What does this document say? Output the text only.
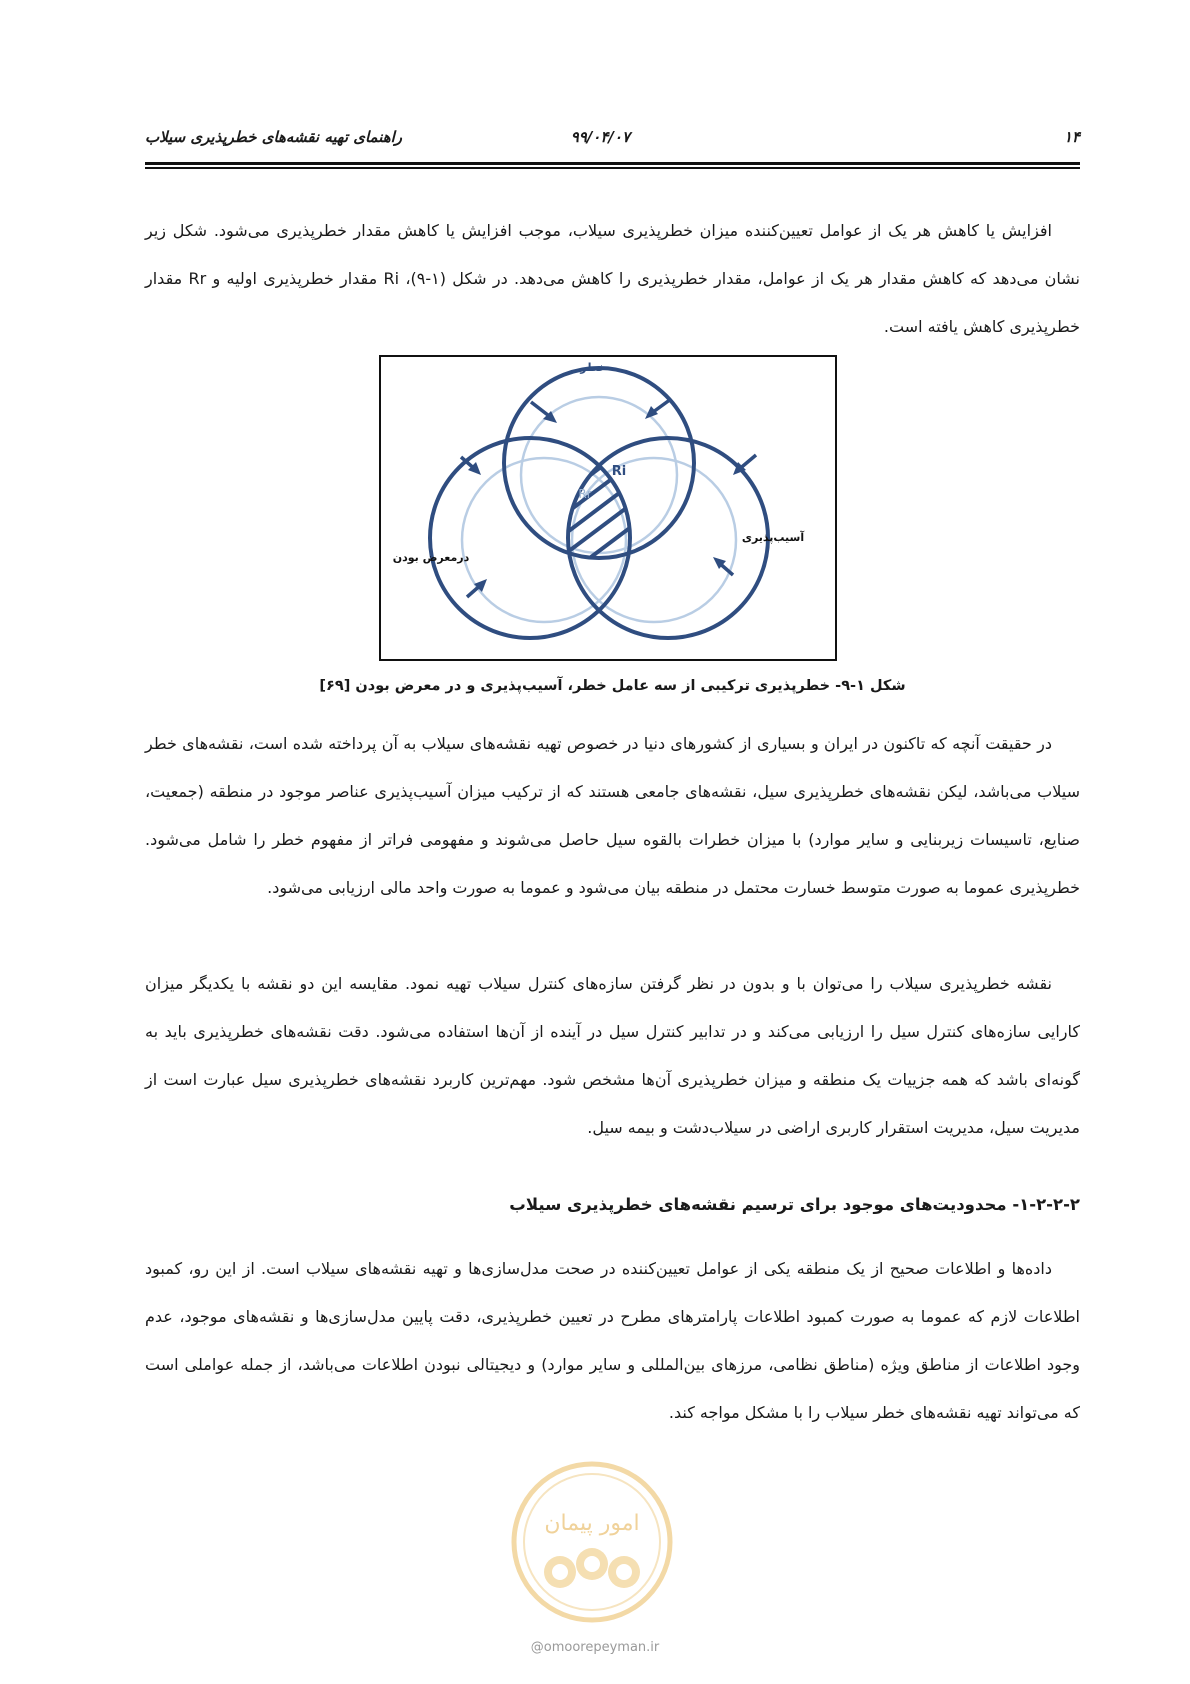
۱۴
۹۹/۰۴/۰۷
راهنمای تهیه نقشه‌های خطرپذیری سیلاب

افزایش یا کاهش هر یک از عوامل تعیین‌کننده میزان خطرپذیری سیلاب، موجب افزایش یا کاهش مقدار خطرپذیری می‌شود. شکل زیر نشان می‌دهد که کاهش مقدار هر یک از عوامل، مقدار خطرپذیری را کاهش می‌دهد. در شکل (۱-۹)، Ri مقدار خطرپذیری اولیه و Rr مقدار خطرپذیری کاهش یافته است.

خطر
آسیب‌پذیری
درمعرض بودن
Ri
Rr
شکل ۱-۹- خطرپذیری ترکیبی از سه عامل خطر، آسیب‌پذیری و در معرض بودن [۶۹]

در حقیقت آنچه که تاکنون در ایران و بسیاری از کشورهای دنیا در خصوص تهیه نقشه‌های سیلاب به آن پرداخته شده است، نقشه‌های خطر سیلاب می‌باشد، لیکن نقشه‌های خطرپذیری سیل، نقشه‌های جامعی هستند که از ترکیب میزان آسیب‌پذیری عناصر موجود در منطقه (جمعیت، صنایع، تاسیسات زیربنایی و سایر موارد) با میزان خطرات بالقوه سیل حاصل می‌شوند و مفهومی فراتر از مفهوم خطر را شامل می‌شود. خطرپذیری عموما به صورت متوسط خسارت محتمل در منطقه بیان می‌شود و عموما به صورت واحد مالی ارزیابی می‌شود.

نقشه خطرپذیری سیلاب را می‌توان با و بدون در نظر گرفتن سازه‌های کنترل سیلاب تهیه نمود. مقایسه این دو نقشه با یکدیگر میزان کارایی سازه‌های کنترل سیل را ارزیابی می‌کند و در تدابیر کنترل سیل در آینده از آن‌ها استفاده می‌شود. دقت نقشه‌های خطرپذیری باید به گونه‌ای باشد که همه جزییات یک منطقه و میزان خطرپذیری آن‌ها مشخص شود. مهم‌ترین کاربرد نقشه‌های خطرپذیری سیل عبارت است از مدیریت سیل، مدیریت استقرار کاربری اراضی در سیلاب‌دشت و بیمه سیل.

۱-۲-۲-۲- محدودیت‌های موجود برای ترسیم نقشه‌های خطرپذیری سیلاب

داده‌ها و اطلاعات صحیح از یک منطقه یکی از عوامل تعیین‌کننده در صحت مدل‌سازی‌ها و تهیه نقشه‌های سیلاب است. از این رو، کمبود اطلاعات لازم که عموما به صورت کمبود اطلاعات پارامترهای مطرح در تعیین خطرپذیری، دقت پایین مدل‌سازی‌ها و نقشه‌های موجود، عدم وجود اطلاعات از مناطق ویژه (مناطق نظامی، مرزهای بین‌المللی و سایر موارد) و دیجیتالی نبودن اطلاعات می‌باشد، از جمله عواملی است که می‌تواند تهیه نقشه‌های خطر سیلاب را با مشکل مواجه کند.

امور پیمان
@omoorepeyman.ir
